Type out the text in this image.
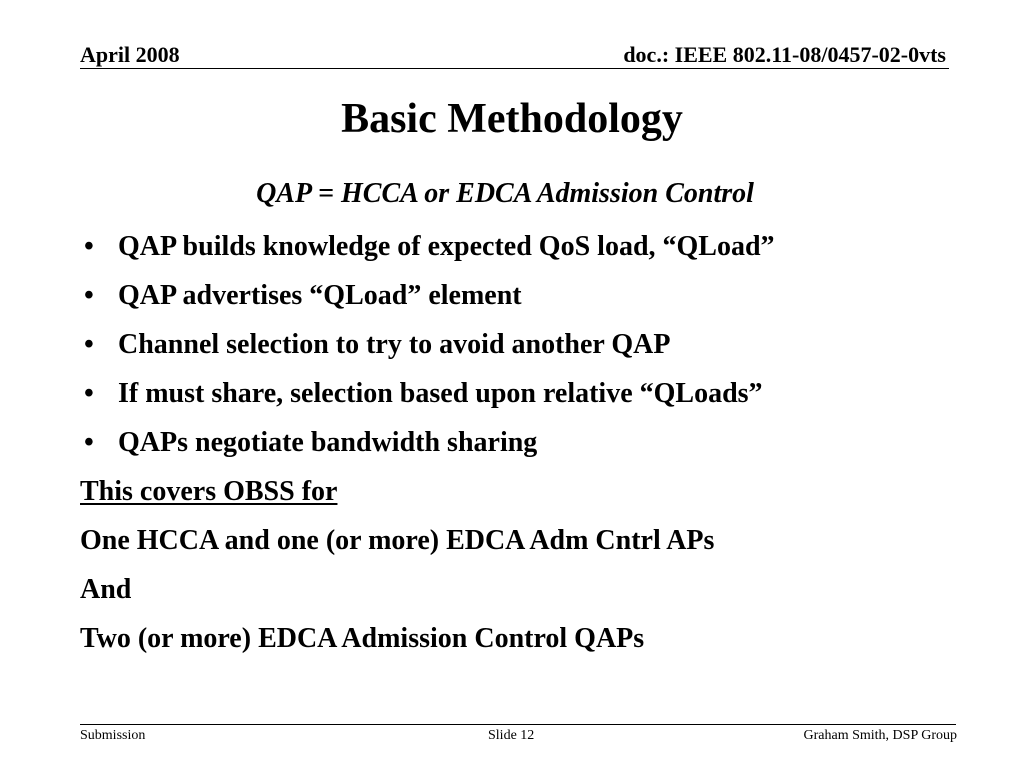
April 2008	doc.: IEEE 802.11-08/0457-02-0vts
Basic Methodology
QAP = HCCA or EDCA Admission Control
• QAP builds knowledge of expected QoS load, “QLoad”
• QAP advertises “QLoad” element
• Channel selection to try to avoid another QAP
• If must share, selection based upon relative “QLoads”
• QAPs negotiate bandwidth sharing
This covers OBSS for
One HCCA and one (or more) EDCA Adm Cntrl APs
And
Two (or more) EDCA Admission Control QAPs
Submission	Slide 12	Graham Smith, DSP Group
